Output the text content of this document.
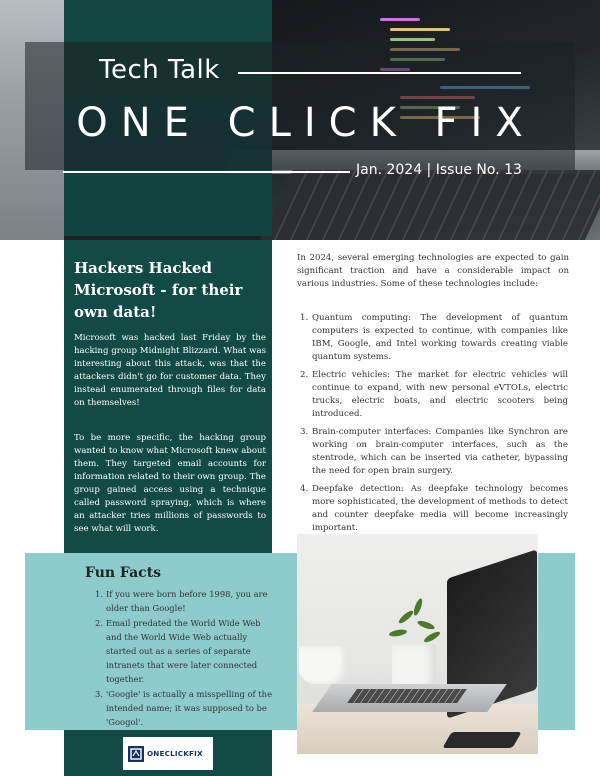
Tech Talk
ONE CLICK FIX
Jan. 2024 | Issue No. 13
Hackers Hacked Microsoft - for their own data!

Microsoft was hacked last Friday by the hacking group Midnight Blizzard. What was interesting about this attack, was that the attackers didn't go for customer data. They instead enumerated through files for data on themselves!

To be more specific, the hacking group wanted to know what Microsoft knew about them. They targeted email accounts for information related to their own group. The group gained access using a technique called password spraying, which is where an attacker tries millions of passwords to see what will work.

In 2024, several emerging technologies are expected to gain significant traction and have a considerable impact on various industries. Some of these technologies include:

1. Quantum computing: The development of quantum computers is expected to continue, with companies like IBM, Google, and Intel working towards creating viable quantum systems.
2. Electric vehicles: The market for electric vehicles will continue to expand, with new personal eVTOLs, electric trucks, electric boats, and electric scooters being introduced.
3. Brain-computer interfaces: Companies like Synchron are working on brain-computer interfaces, such as the stentrode, which can be inserted via catheter, bypassing the need for open brain surgery.
4. Deepfake detection: As deepfake technology becomes more sophisticated, the development of methods to detect and counter deepfake media will become increasingly important.
Fun Facts
1. If you were born before 1998, you are older than Google!
2. Email predated the World Wide Web and the World Wide Web actually started out as a series of separate intranets that were later connected together.
3. 'Google' is actually a misspelling of the intended name; it was supposed to be 'Googol'.
ONECLICKFIX
